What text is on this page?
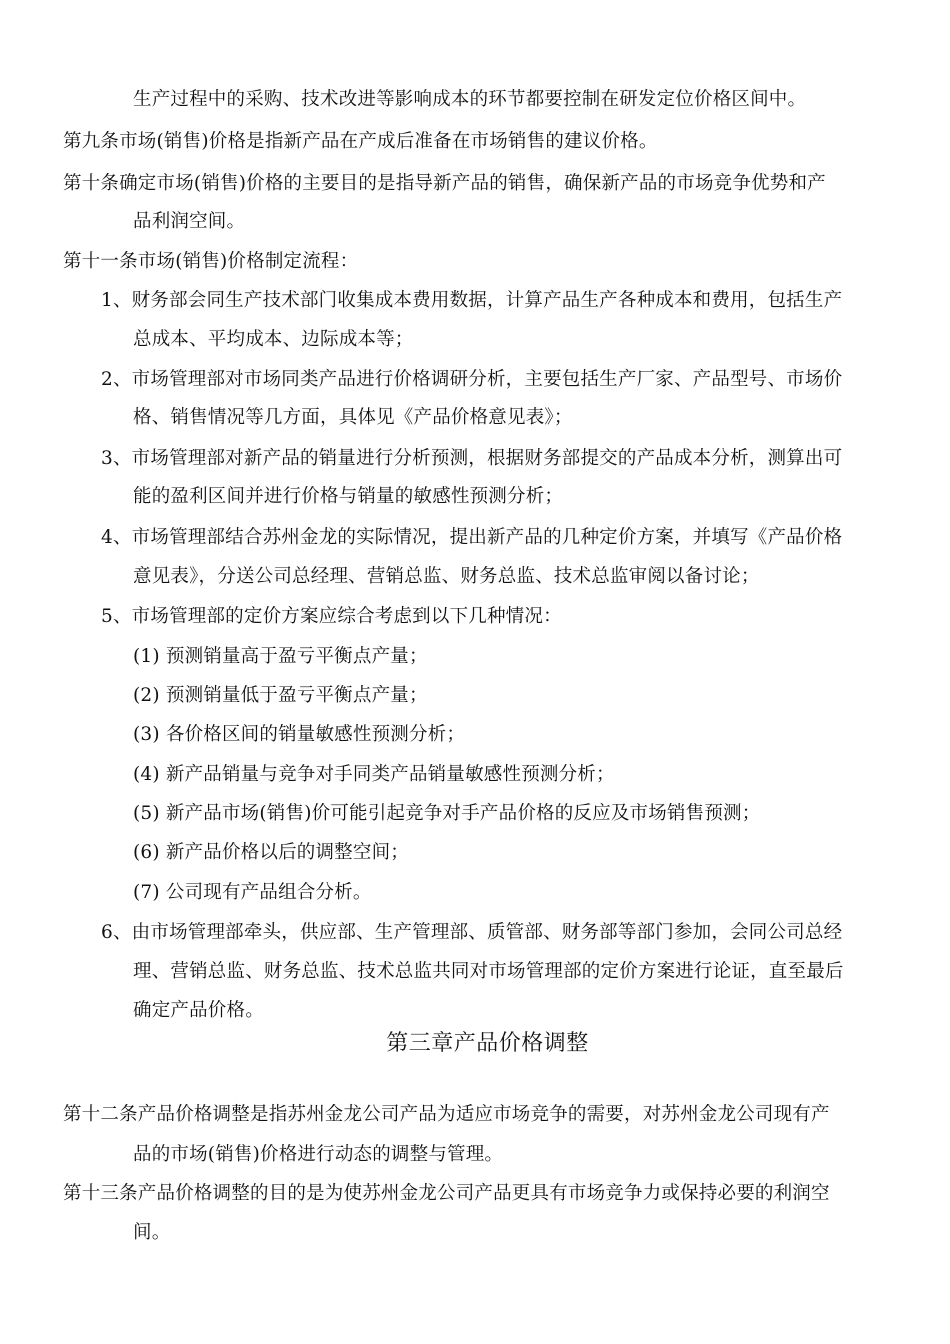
生产过程中的采购、技术改进等影响成本的环节都要控制在研发定位价格区间中。
第九条市场(销售)价格是指新产品在产成后准备在市场销售的建议价格。
第十条确定市场(销售)价格的主要目的是指导新产品的销售，确保新产品的市场竞争优势和产
品利润空间。
第十一条市场(销售)价格制定流程：
1、财务部会同生产技术部门收集成本费用数据，计算产品生产各种成本和费用，包括生产
总成本、平均成本、边际成本等；
2、市场管理部对市场同类产品进行价格调研分析，主要包括生产厂家、产品型号、市场价
格、销售情况等几方面，具体见《产品价格意见表》；
3、市场管理部对新产品的销量进行分析预测，根据财务部提交的产品成本分析，测算出可
能的盈利区间并进行价格与销量的敏感性预测分析；
4、市场管理部结合苏州金龙的实际情况，提出新产品的几种定价方案，并填写《产品价格
意见表》，分送公司总经理、营销总监、财务总监、技术总监审阅以备讨论；
5、市场管理部的定价方案应综合考虑到以下几种情况：
(1) 预测销量高于盈亏平衡点产量；
(2) 预测销量低于盈亏平衡点产量；
(3) 各价格区间的销量敏感性预测分析；
(4) 新产品销量与竞争对手同类产品销量敏感性预测分析；
(5) 新产品市场(销售)价可能引起竞争对手产品价格的反应及市场销售预测；
(6) 新产品价格以后的调整空间；
(7) 公司现有产品组合分析。
6、由市场管理部牵头，供应部、生产管理部、质管部、财务部等部门参加，会同公司总经
理、营销总监、财务总监、技术总监共同对市场管理部的定价方案进行论证，直至最后
确定产品价格。
第三章产品价格调整
第十二条产品价格调整是指苏州金龙公司产品为适应市场竞争的需要，对苏州金龙公司现有产
品的市场(销售)价格进行动态的调整与管理。
第十三条产品价格调整的目的是为使苏州金龙公司产品更具有市场竞争力或保持必要的利润空
间。
